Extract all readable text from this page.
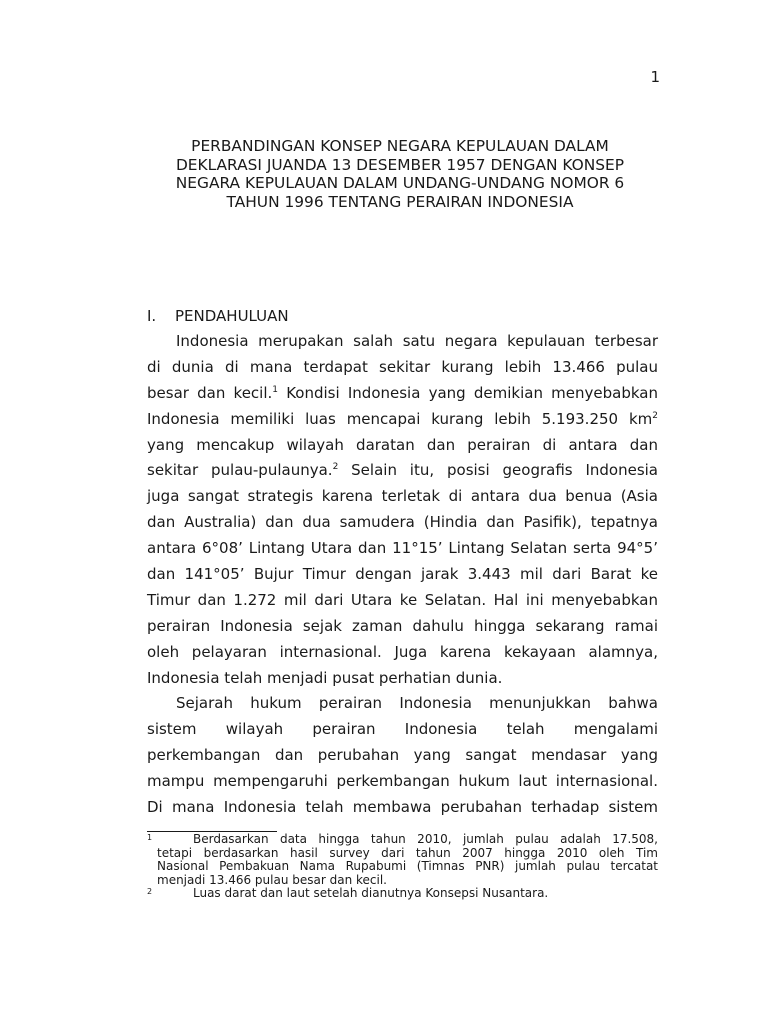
1
PERBANDINGAN KONSEP NEGARA KEPULAUAN DALAM
DEKLARASI JUANDA 13 DESEMBER 1957 DENGAN KONSEP
NEGARA KEPULAUAN DALAM UNDANG-UNDANG NOMOR 6
TAHUN 1996 TENTANG PERAIRAN INDONESIA
I. PENDAHULUAN
Indonesia merupakan salah satu negara kepulauan terbesar
di dunia di mana terdapat sekitar kurang lebih 13.466 pulau
besar dan kecil.$^1$ Kondisi Indonesia yang demikian menyebabkan
Indonesia memiliki luas mencapai kurang lebih 5.193.250 $km^2$
yang mencakup wilayah daratan dan perairan di antara dan
sekitar pulau-pulaunya.$^2$ Selain itu, posisi geografis Indonesia
juga sangat strategis karena terletak di antara dua benua (Asia
dan Australia) dan dua samudera (Hindia dan Pasifik), tepatnya
antara 6°08’ Lintang Utara dan 11°15’ Lintang Selatan serta 94°5’
dan 141°05’ Bujur Timur dengan jarak 3.443 mil dari Barat ke
Timur dan 1.272 mil dari Utara ke Selatan. Hal ini menyebabkan
perairan Indonesia sejak zaman dahulu hingga sekarang ramai
oleh pelayaran internasional. Juga karena kekayaan alamnya,
Indonesia telah menjadi pusat perhatian dunia.
Sejarah hukum perairan Indonesia menunjukkan bahwa
sistem wilayah perairan Indonesia telah mengalami
perkembangan dan perubahan yang sangat mendasar yang
mampu mempengaruhi perkembangan hukum laut internasional.
Di mana Indonesia telah membawa perubahan terhadap sistem
1	Berdasarkan data hingga tahun 2010, jumlah pulau adalah 17.508,
tetapi berdasarkan hasil survey dari tahun 2007 hingga 2010 oleh Tim
Nasional Pembakuan Nama Rupabumi (Timnas PNR) jumlah pulau tercatat
menjadi 13.466 pulau besar dan kecil.
2	Luas darat dan laut setelah dianutnya Konsepsi Nusantara.
